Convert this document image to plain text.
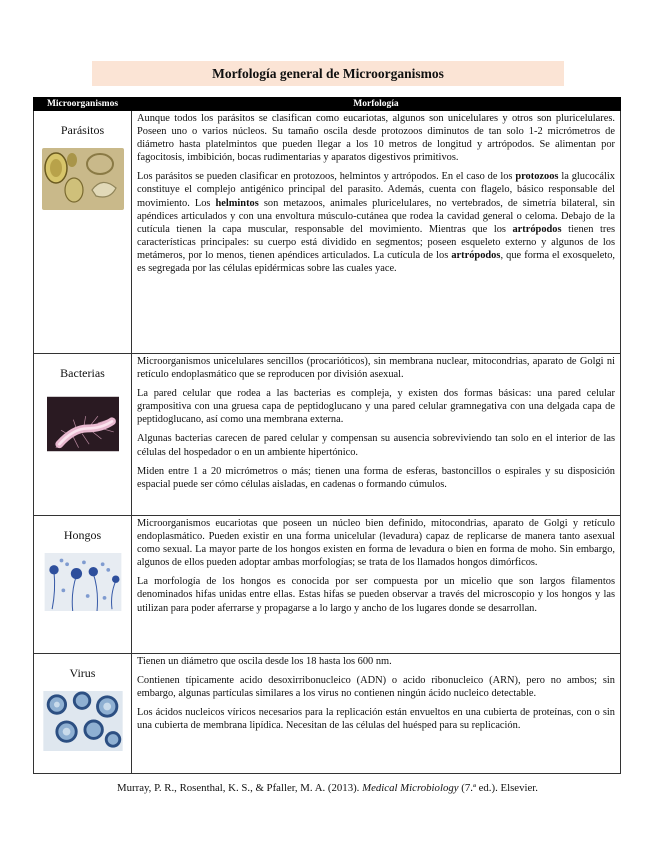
Morfología general de Microorganismos
Microorganismos	Morfología

Parásitos	Aunque todos los parásitos se clasifican como eucariotas, algunos son unicelulares y otros son pluricelulares. Poseen uno o varios núcleos. Su tamaño oscila desde protozoos diminutos de tan solo 1-2 micrómetros de diámetro hasta platelmintos que pueden llegar a los 10 metros de longitud y artrópodos. Se alimentan por fagocitosis, imbibición, bocas rudimentarias y aparatos digestivos primitivos.

Los parásitos se pueden clasificar en protozoos, helmintos y artrópodos. En el caso de los protozoos la glucocálix constituye el complejo antigénico principal del parasito. Además, cuenta con flagelo, básico responsable del movimiento. Los helmintos son metazoos, animales pluricelulares, no vertebrados, de simetría bilateral, sin apéndices articulados y con una envoltura músculo-cutánea que rodea la cavidad general o celoma. Debajo de la cutícula tienen la capa muscular, responsable del movimiento. Mientras que los artrópodos tienen tres características principales: su cuerpo está dividido en segmentos; poseen esqueleto externo y algunos de los metámeros, por lo menos, tienen apéndices articulados. La cutícula de los artrópodos, que forma el exosqueleto, es segregada por las células epidérmicas sobre las cuales yace.

Bacterias	Microorganismos unicelulares sencillos (procarióticos), sin membrana nuclear, mitocondrias, aparato de Golgi ni retículo endoplasmático que se reproducen por división asexual.

La pared celular que rodea a las bacterias es compleja, y existen dos formas básicas: una pared celular grampositiva con una gruesa capa de peptidoglucano y una pared celular gramnegativa con una delgada capa de peptidoglucano, así como una membrana externa.

Algunas bacterias carecen de pared celular y compensan su ausencia sobreviviendo tan solo en el interior de las células del hospedador o en un ambiente hipertónico.

Miden entre 1 a 20 micrómetros o más; tienen una forma de esferas, bastoncillos o espirales y su disposición espacial puede ser cómo células aisladas, en cadenas o formando cúmulos.

Hongos	Microorganismos eucariotas que poseen un núcleo bien definido, mitocondrias, aparato de Golgi y retículo endoplasmático. Pueden existir en una forma unicelular (levadura) capaz de replicarse de manera tanto asexual como sexual. La mayor parte de los hongos existen en forma de levadura o bien en forma de moho. Sin embargo, algunos de ellos pueden adoptar ambas morfologías; se trata de los llamados hongos dimórficos.

La morfología de los hongos es conocida por ser compuesta por un micelio que son largos filamentos denominados hifas unidas entre ellas. Estas hifas se pueden observar a través del microscopio y los hongos y las utilizan para poder aferrarse y propagarse a lo largo y ancho de los lugares donde se desarrollan.

Virus	Tienen un diámetro que oscila desde los 18 hasta los 600 nm.

Contienen típicamente acido desoxirribonucleico (ADN) o acido ribonucleico (ARN), pero no ambos; sin embargo, algunas partículas similares a los virus no contienen ningún ácido nucleico detectable.

Los ácidos nucleicos víricos necesarios para la replicación están envueltos en una cubierta de proteínas, con o sin una cubierta de membrana lipídica. Necesitan de las células del huésped para su replicación.

Murray, P. R., Rosenthal, K. S., & Pfaller, M. A. (2013). Medical Microbiology (7.ª ed.). Elsevier.
